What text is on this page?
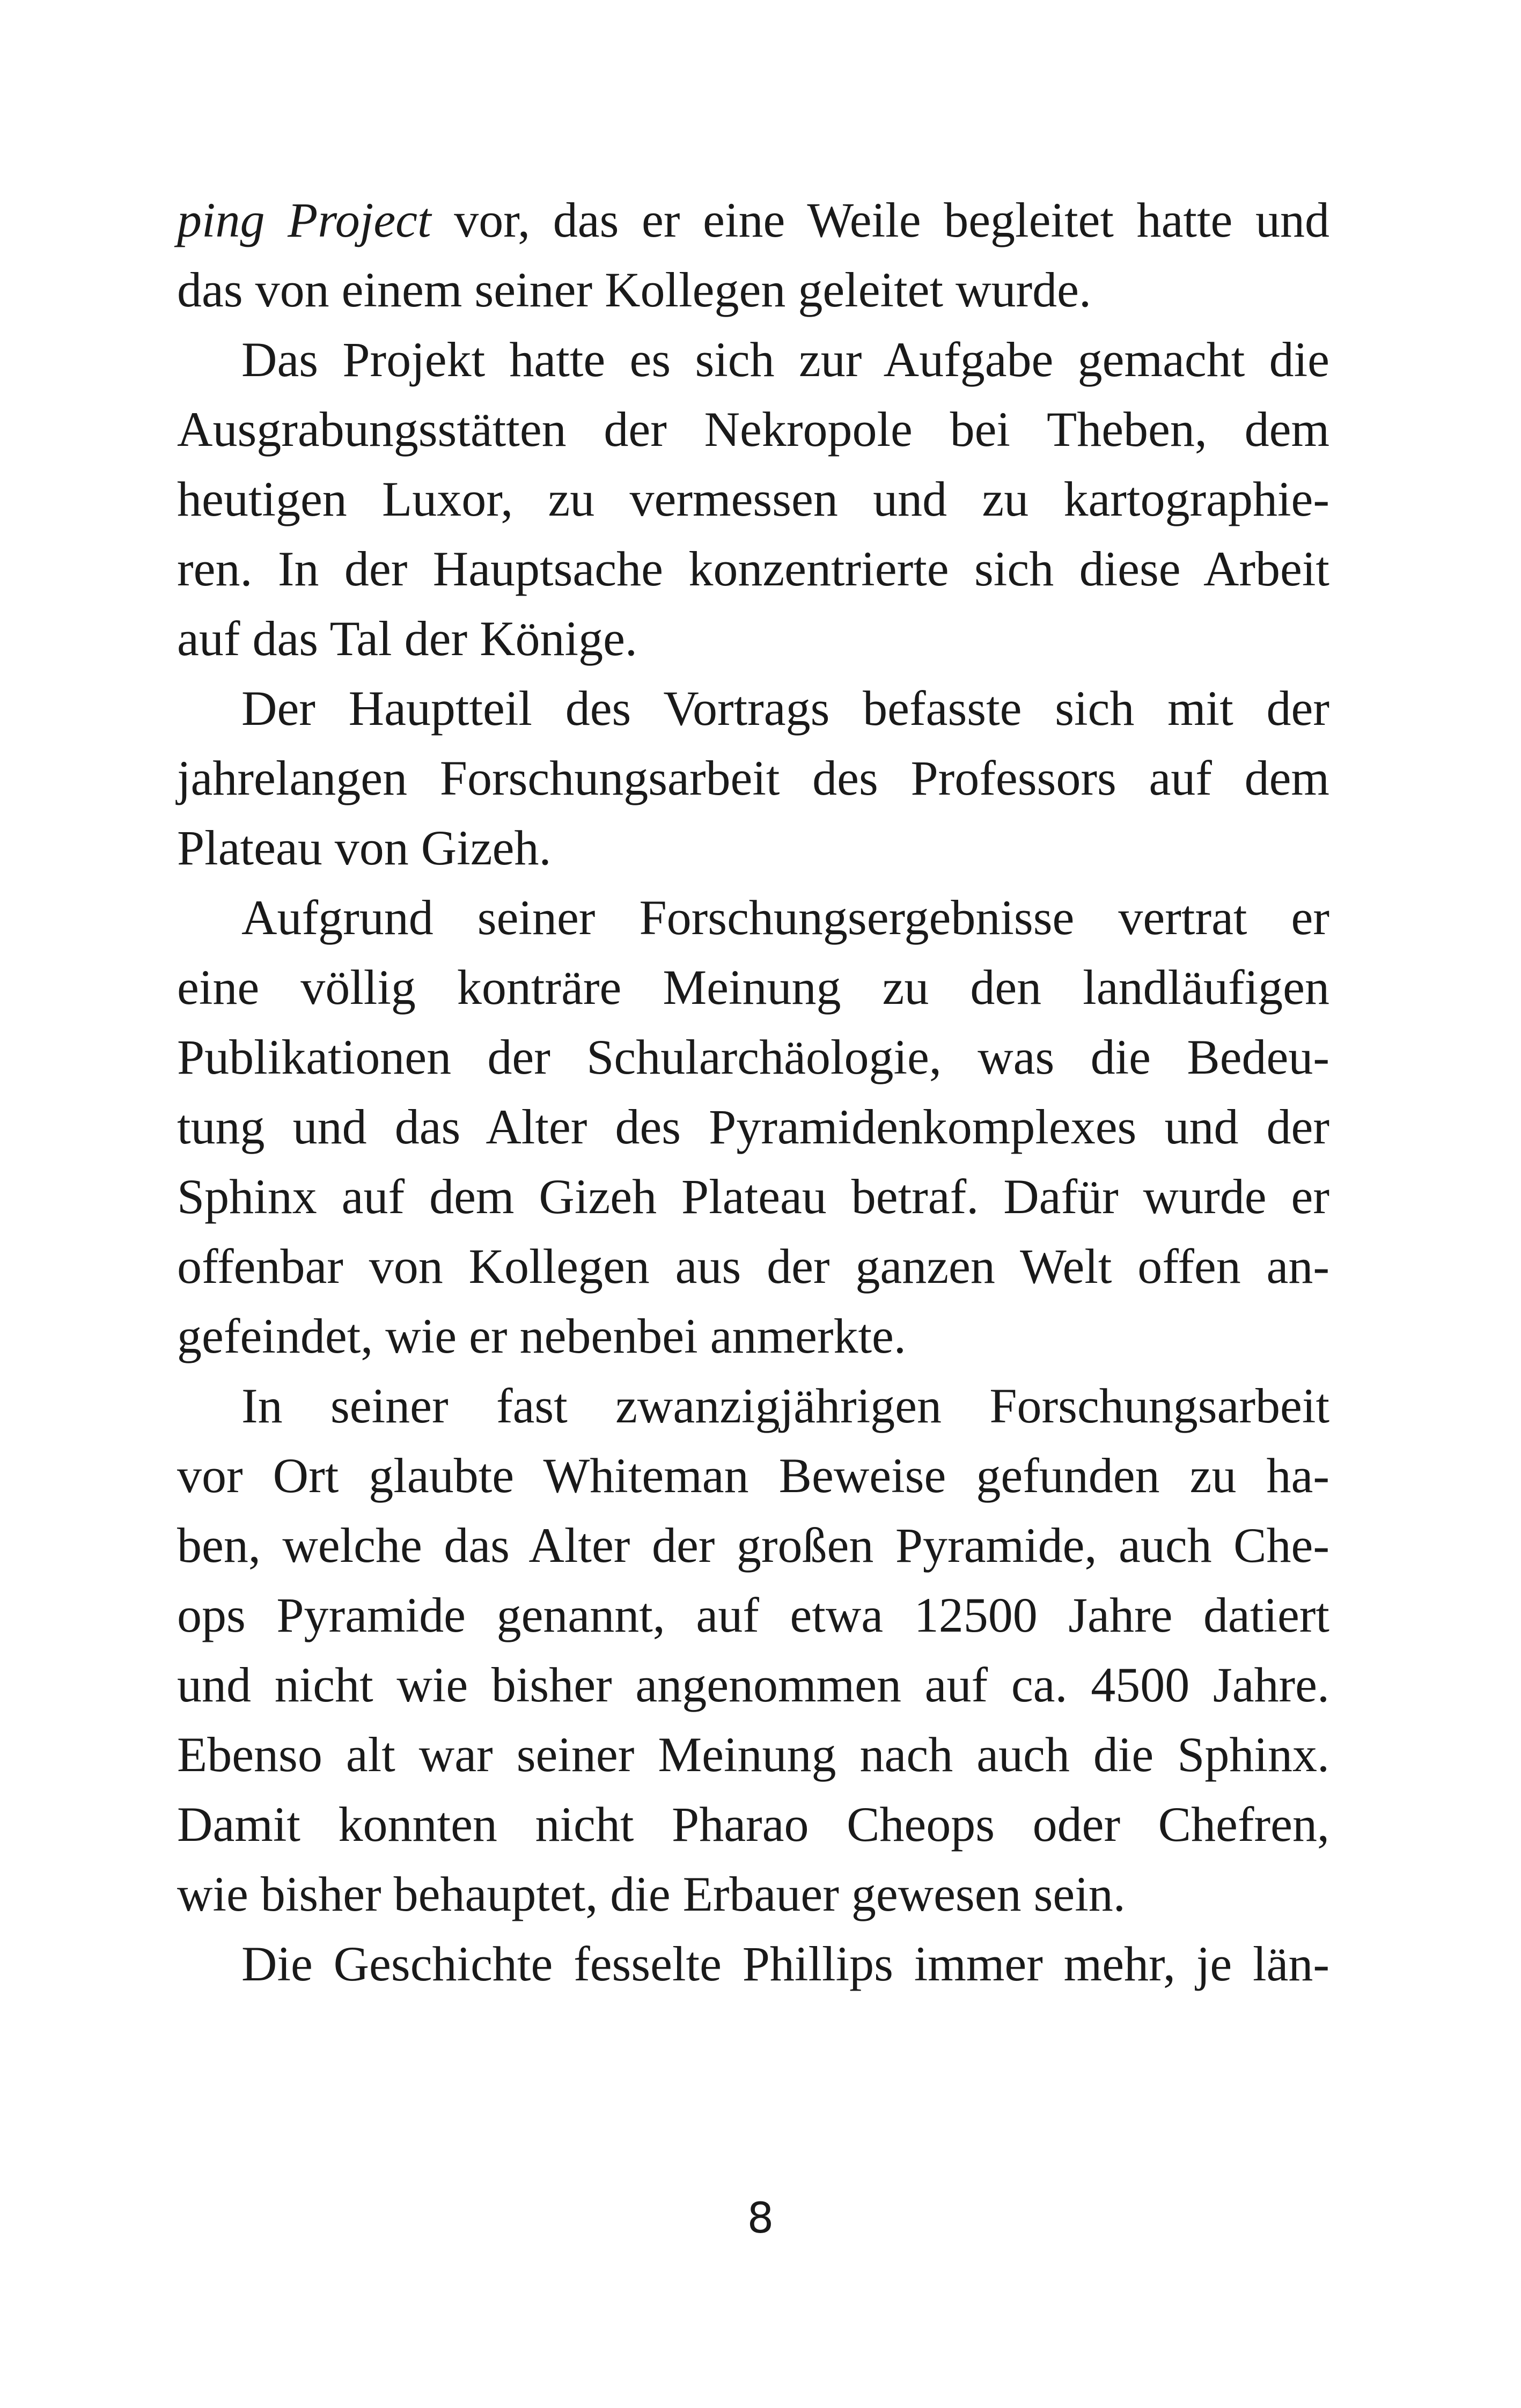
ping Project vor, das er eine Weile begleitet hatte und
das von einem seiner Kollegen geleitet wurde.
Das Projekt hatte es sich zur Aufgabe gemacht die
Ausgrabungsstätten der Nekropole bei Theben, dem
heutigen Luxor, zu vermessen und zu kartographie-
ren. In der Hauptsache konzentrierte sich diese Arbeit
auf das Tal der Könige.
Der Hauptteil des Vortrags befasste sich mit der
jahrelangen Forschungsarbeit des Professors auf dem
Plateau von Gizeh.
Aufgrund seiner Forschungsergebnisse vertrat er
eine völlig konträre Meinung zu den landläufigen
Publikationen der Schularchäologie, was die Bedeu-
tung und das Alter des Pyramidenkomplexes und der
Sphinx auf dem Gizeh Plateau betraf. Dafür wurde er
offenbar von Kollegen aus der ganzen Welt offen an-
gefeindet, wie er nebenbei anmerkte.
In seiner fast zwanzigjährigen Forschungsarbeit
vor Ort glaubte Whiteman Beweise gefunden zu ha-
ben, welche das Alter der großen Pyramide, auch Che-
ops Pyramide genannt, auf etwa 12500 Jahre datiert
und nicht wie bisher angenommen auf ca. 4500 Jahre.
Ebenso alt war seiner Meinung nach auch die Sphinx.
Damit konnten nicht Pharao Cheops oder Chefren,
wie bisher behauptet, die Erbauer gewesen sein.
Die Geschichte fesselte Phillips immer mehr, je län-
8
